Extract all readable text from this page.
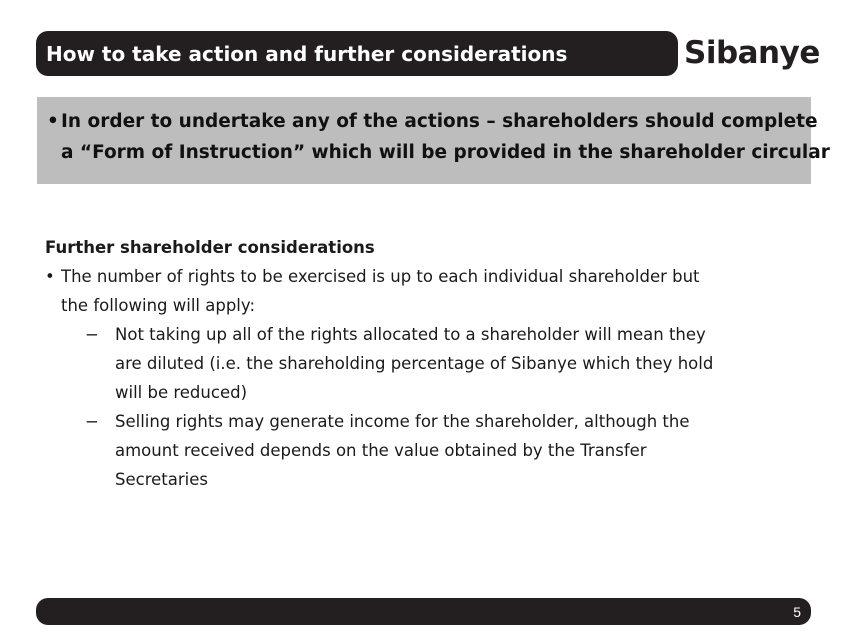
How to take action and further considerations	Sibanye
• In order to undertake any of the actions – shareholders should complete
a “Form of Instruction” which will be provided in the shareholder circular
Further shareholder considerations
• The number of rights to be exercised is up to each individual shareholder but
the following will apply:
− Not taking up all of the rights allocated to a shareholder will mean they
are diluted (i.e. the shareholding percentage of Sibanye which they hold
will be reduced)
− Selling rights may generate income for the shareholder, although the
amount received depends on the value obtained by the Transfer
Secretaries
5
